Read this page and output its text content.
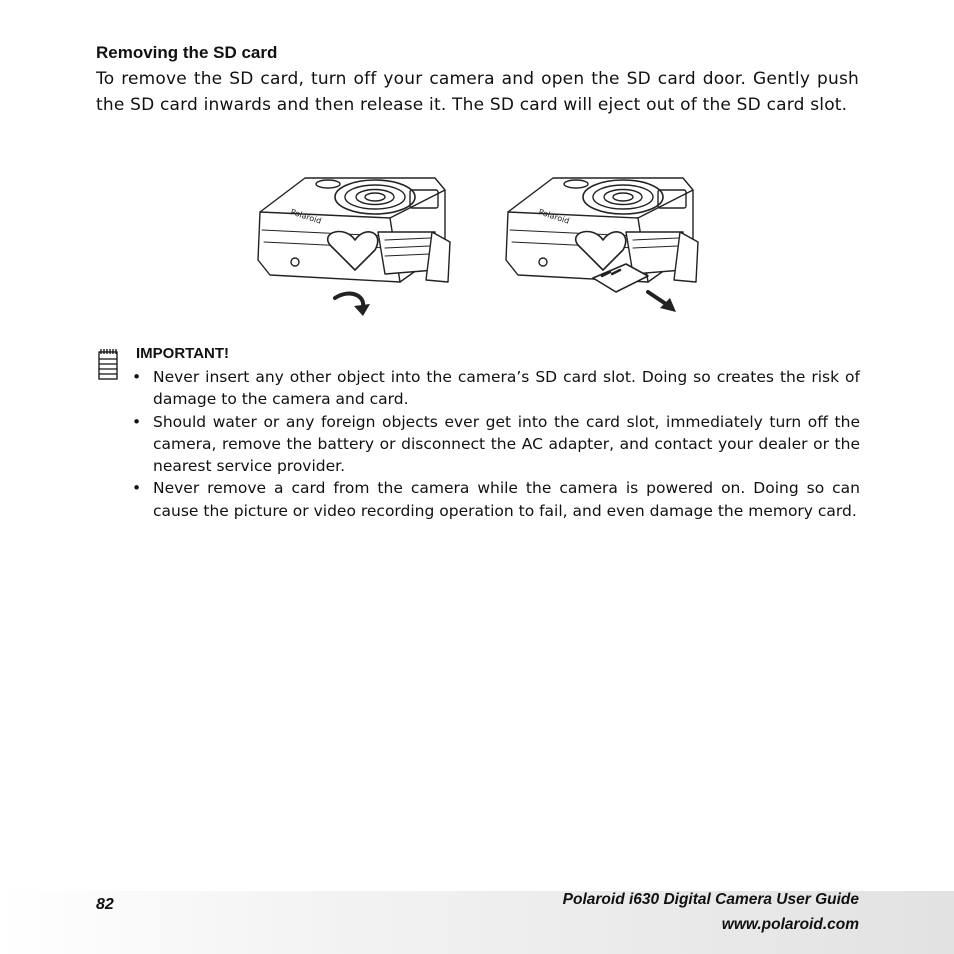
Removing the SD card
To remove the SD card, turn off your camera and open the SD card door. Gently push the SD card inwards and then release it. The SD card will eject out of the SD card slot.
Polaroid	Polaroid
IMPORTANT!
• Never insert any other object into the camera’s SD card slot. Doing so creates the risk of damage to the camera and card.
• Should water or any foreign objects ever get into the card slot, immediately turn off the camera, remove the battery or disconnect the AC adapter, and contact your dealer or the nearest service provider.
• Never remove a card from the camera while the camera is powered on. Doing so can cause the picture or video recording operation to fail, and even damage the memory card.
82	Polaroid i630 Digital Camera User Guide
www.polaroid.com
